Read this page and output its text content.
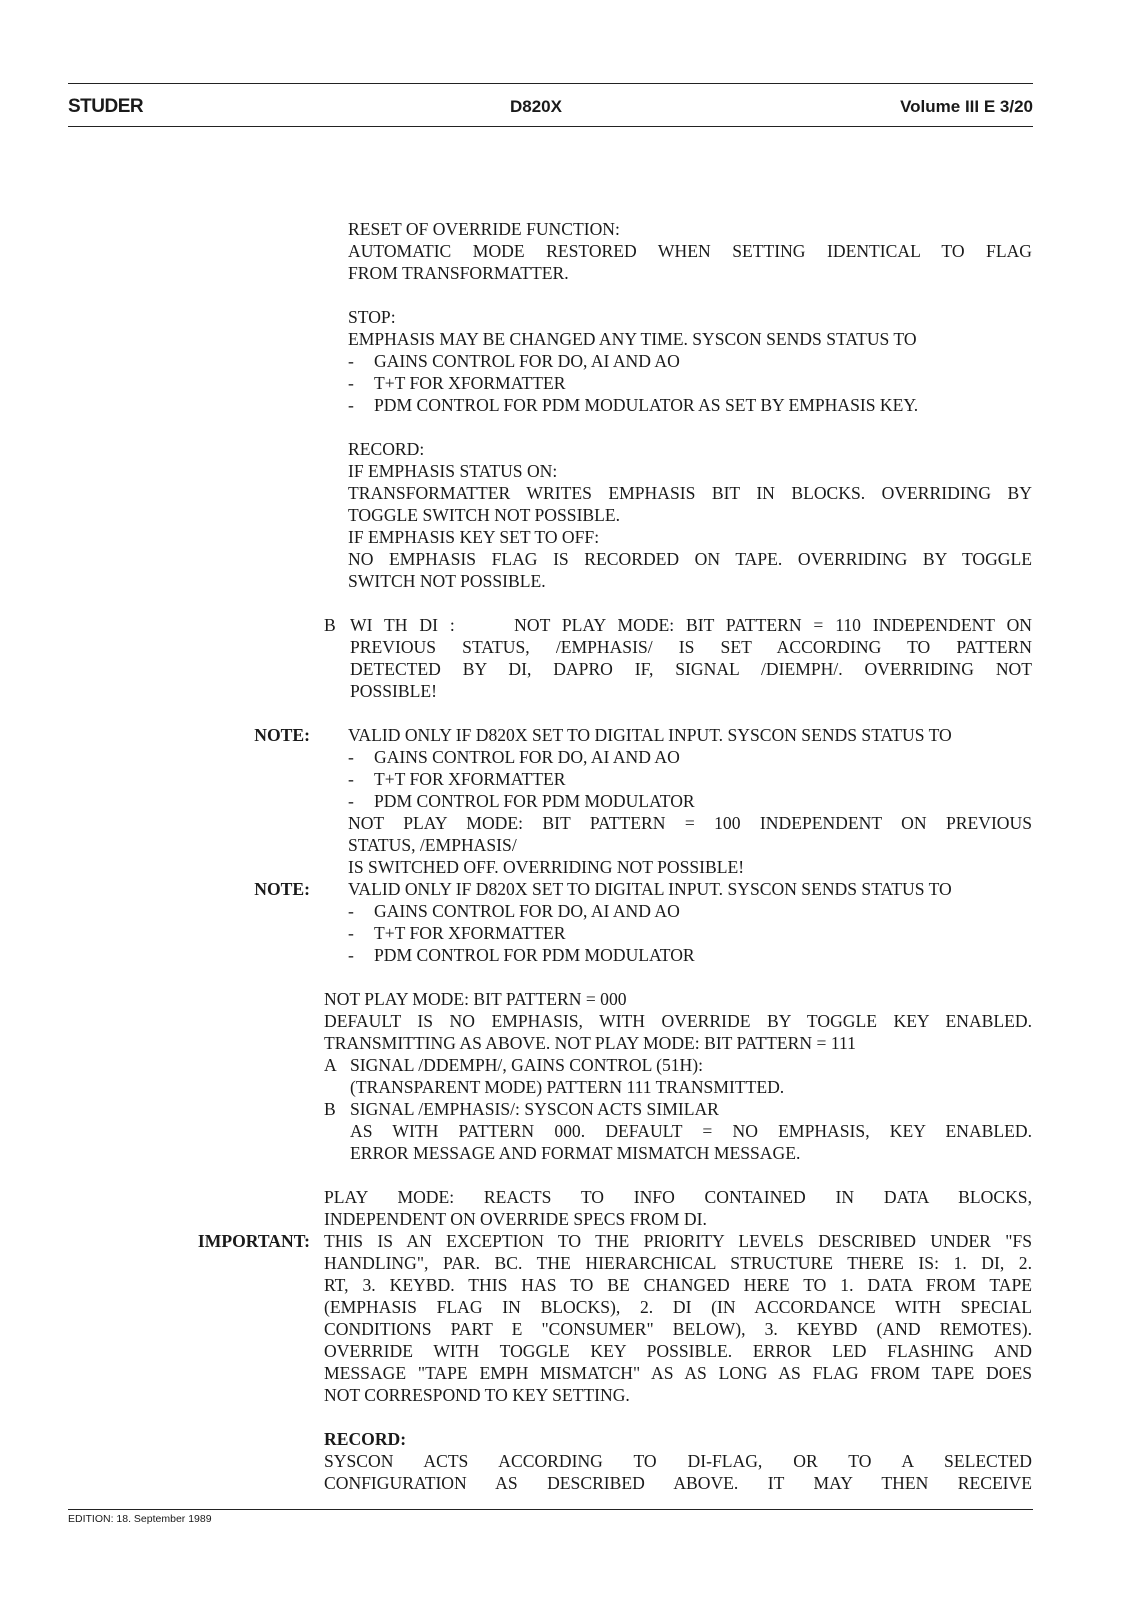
STUDER	D820X	Volume III E 3/20
RESET OF OVERRIDE FUNCTION:
AUTOMATIC MODE RESTORED WHEN SETTING IDENTICAL TO FLAG
FROM TRANSFORMATTER.
STOP:
EMPHASIS MAY BE CHANGED ANY TIME. SYSCON SENDS STATUS TO
- GAINS CONTROL FOR DO, AI AND AO
- T+T FOR XFORMATTER
- PDM CONTROL FOR PDM MODULATOR AS SET BY EMPHASIS KEY.
RECORD:
IF EMPHASIS STATUS ON:
TRANSFORMATTER WRITES EMPHASIS BIT IN BLOCKS. OVERRIDING BY
TOGGLE SWITCH NOT POSSIBLE.
IF EMPHASIS KEY SET TO OFF:
NO EMPHASIS FLAG IS RECORDED ON TAPE. OVERRIDING BY TOGGLE
SWITCH NOT POSSIBLE.
B WI TH DI :	NOT PLAY MODE: BIT PATTERN = 110 INDEPENDENT ON
PREVIOUS STATUS, /EMPHASIS/ IS SET ACCORDING TO PATTERN
DETECTED BY DI, DAPRO IF, SIGNAL /DIEMPH/. OVERRIDING NOT
POSSIBLE!
NOTE: VALID ONLY IF D820X SET TO DIGITAL INPUT. SYSCON SENDS STATUS TO
- GAINS CONTROL FOR DO, AI AND AO
- T+T FOR XFORMATTER
- PDM CONTROL FOR PDM MODULATOR
NOT PLAY MODE: BIT PATTERN = 100 INDEPENDENT ON PREVIOUS
STATUS, /EMPHASIS/
IS SWITCHED OFF. OVERRIDING NOT POSSIBLE!
NOTE: VALID ONLY IF D820X SET TO DIGITAL INPUT. SYSCON SENDS STATUS TO
- GAINS CONTROL FOR DO, AI AND AO
- T+T FOR XFORMATTER
- PDM CONTROL FOR PDM MODULATOR
NOT PLAY MODE: BIT PATTERN = 000
DEFAULT IS NO EMPHASIS, WITH OVERRIDE BY TOGGLE KEY ENABLED.
TRANSMITTING AS ABOVE. NOT PLAY MODE: BIT PATTERN = 111
A SIGNAL /DDEMPH/, GAINS CONTROL (51H):
(TRANSPARENT MODE) PATTERN 111 TRANSMITTED.
B SIGNAL /EMPHASIS/: SYSCON ACTS SIMILAR
AS WITH PATTERN 000. DEFAULT = NO EMPHASIS, KEY ENABLED.
ERROR MESSAGE AND FORMAT MISMATCH MESSAGE.
PLAY MODE: REACTS TO INFO CONTAINED IN DATA BLOCKS,
INDEPENDENT ON OVERRIDE SPECS FROM DI.
IMPORTANT: THIS IS AN EXCEPTION TO THE PRIORITY LEVELS DESCRIBED UNDER "FS
HANDLING", PAR. BC. THE HIERARCHICAL STRUCTURE THERE IS: 1. DI, 2.
RT, 3. KEYBD. THIS HAS TO BE CHANGED HERE TO 1. DATA FROM TAPE
(EMPHASIS FLAG IN BLOCKS), 2. DI (IN ACCORDANCE WITH SPECIAL
CONDITIONS PART E "CONSUMER" BELOW), 3. KEYBD (AND REMOTES).
OVERRIDE WITH TOGGLE KEY POSSIBLE. ERROR LED FLASHING AND
MESSAGE "TAPE EMPH MISMATCH" AS AS LONG AS FLAG FROM TAPE DOES
NOT CORRESPOND TO KEY SETTING.
RECORD:
SYSCON ACTS ACCORDING TO DI-FLAG, OR TO A SELECTED
CONFIGURATION AS DESCRIBED ABOVE. IT MAY THEN RECEIVE
EDITION: 18. September 1989
